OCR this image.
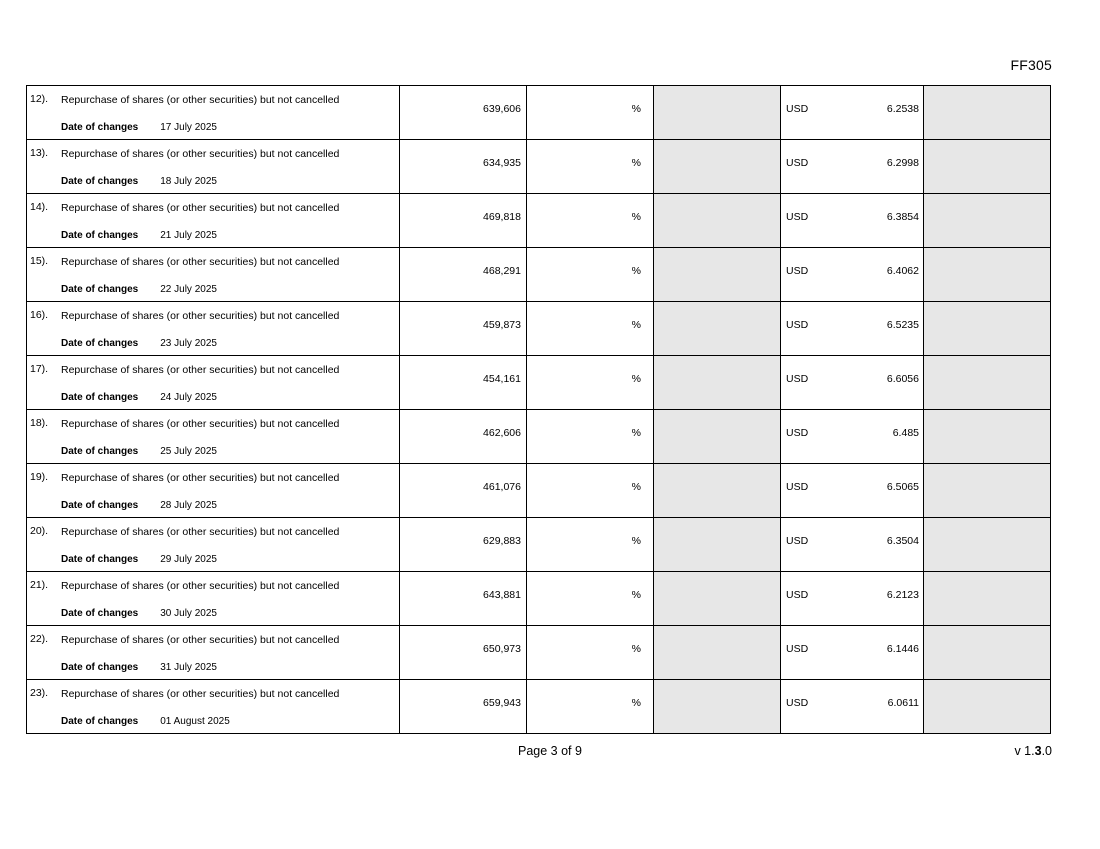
FF305
12). Repurchase of shares (or other securities) but not cancelled
Date of changes 17 July 2025

639,606	%		USD	6.2538

13). Repurchase of shares (or other securities) but not cancelled
Date of changes 18 July 2025

634,935	%		USD	6.2998

14). Repurchase of shares (or other securities) but not cancelled
Date of changes 21 July 2025

469,818	%		USD	6.3854

15). Repurchase of shares (or other securities) but not cancelled
Date of changes 22 July 2025

468,291	%		USD	6.4062

16). Repurchase of shares (or other securities) but not cancelled
Date of changes 23 July 2025

459,873	%		USD	6.5235

17). Repurchase of shares (or other securities) but not cancelled
Date of changes 24 July 2025

454,161	%		USD	6.6056

18). Repurchase of shares (or other securities) but not cancelled
Date of changes 25 July 2025

462,606	%		USD	6.485

19). Repurchase of shares (or other securities) but not cancelled
Date of changes 28 July 2025

461,076	%		USD	6.5065

20). Repurchase of shares (or other securities) but not cancelled
Date of changes 29 July 2025

629,883	%		USD	6.3504

21). Repurchase of shares (or other securities) but not cancelled
Date of changes 30 July 2025

643,881	%		USD	6.2123

22). Repurchase of shares (or other securities) but not cancelled
Date of changes 31 July 2025

650,973	%		USD	6.1446

23). Repurchase of shares (or other securities) but not cancelled
Date of changes 01 August 2025

659,943	%		USD	6.0611

Page 3 of 9	v 1.3.0
